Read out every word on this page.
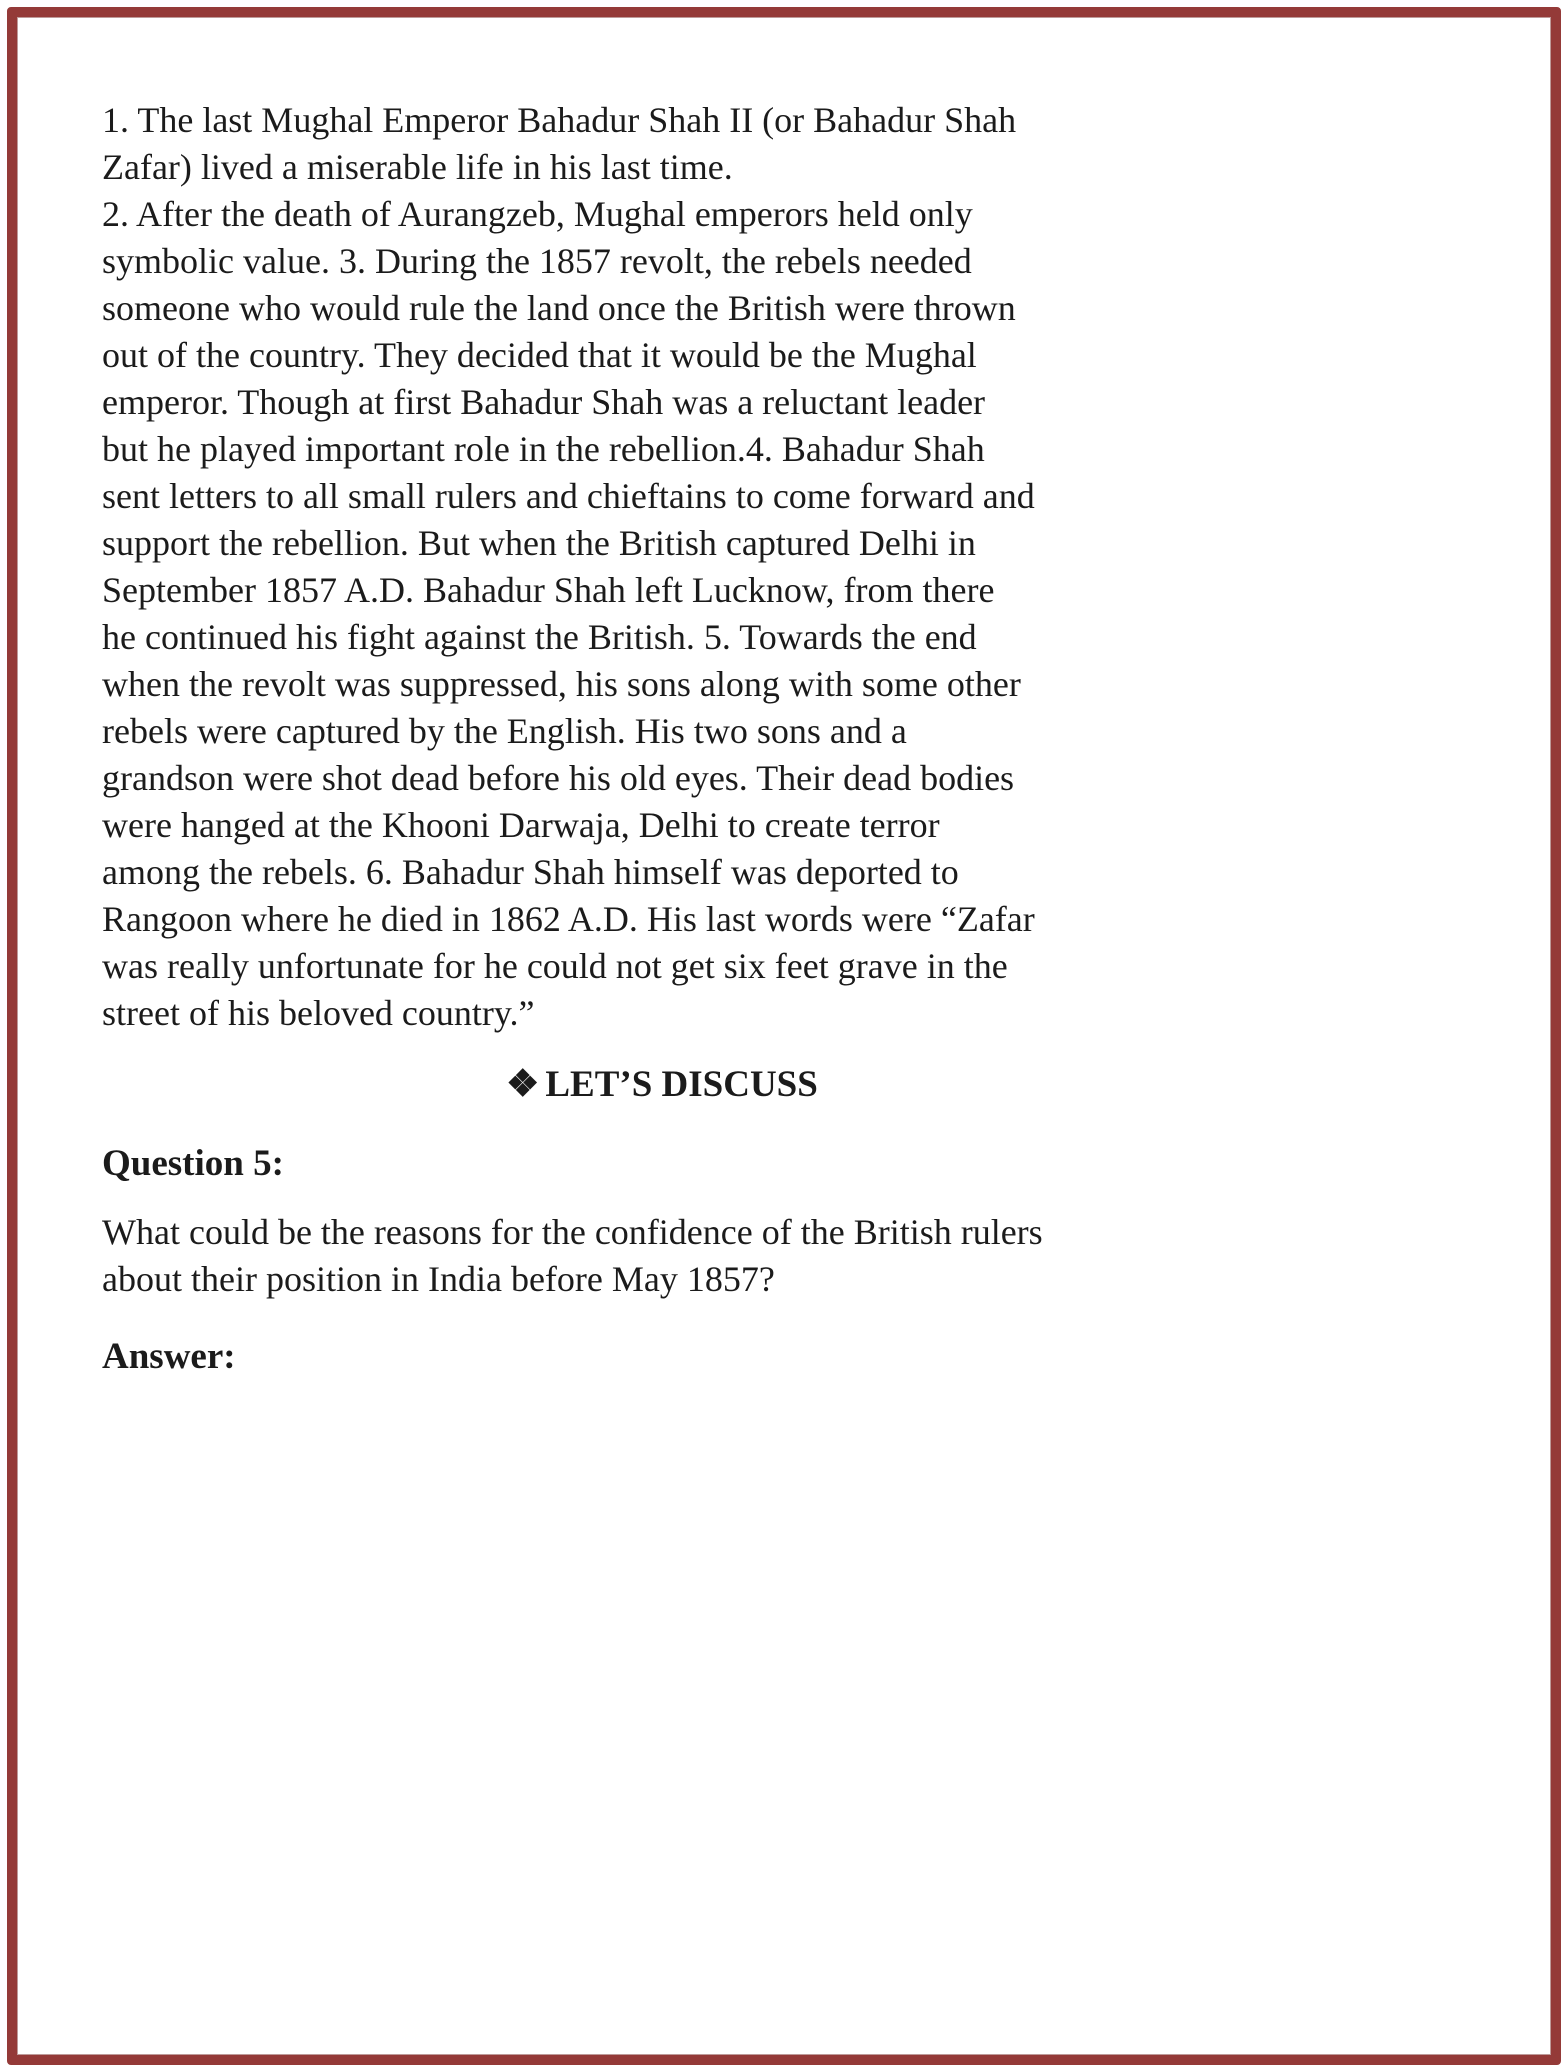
1. The last Mughal Emperor Bahadur Shah II (or Bahadur Shah
Zafar) lived a miserable life in his last time.
2. After the death of Aurangzeb, Mughal emperors held only
symbolic value. 3. During the 1857 revolt, the rebels needed
someone who would rule the land once the British were thrown
out of the country. They decided that it would be the Mughal
emperor. Though at first Bahadur Shah was a reluctant leader
but he played important role in the rebellion.4. Bahadur Shah
sent letters to all small rulers and chieftains to come forward and
support the rebellion. But when the British captured Delhi in
September 1857 A.D. Bahadur Shah left Lucknow, from there
he continued his fight against the British. 5. Towards the end
when the revolt was suppressed, his sons along with some other
rebels were captured by the English. His two sons and a
grandson were shot dead before his old eyes. Their dead bodies
were hanged at the Khooni Darwaja, Delhi to create terror
among the rebels. 6. Bahadur Shah himself was deported to
Rangoon where he died in 1862 A.D. His last words were “Zafar
was really unfortunate for he could not get six feet grave in the
street of his beloved country.”
❖ LET’S DISCUSS
Question 5:
What could be the reasons for the confidence of the British rulers
about their position in India before May 1857?
Answer:
